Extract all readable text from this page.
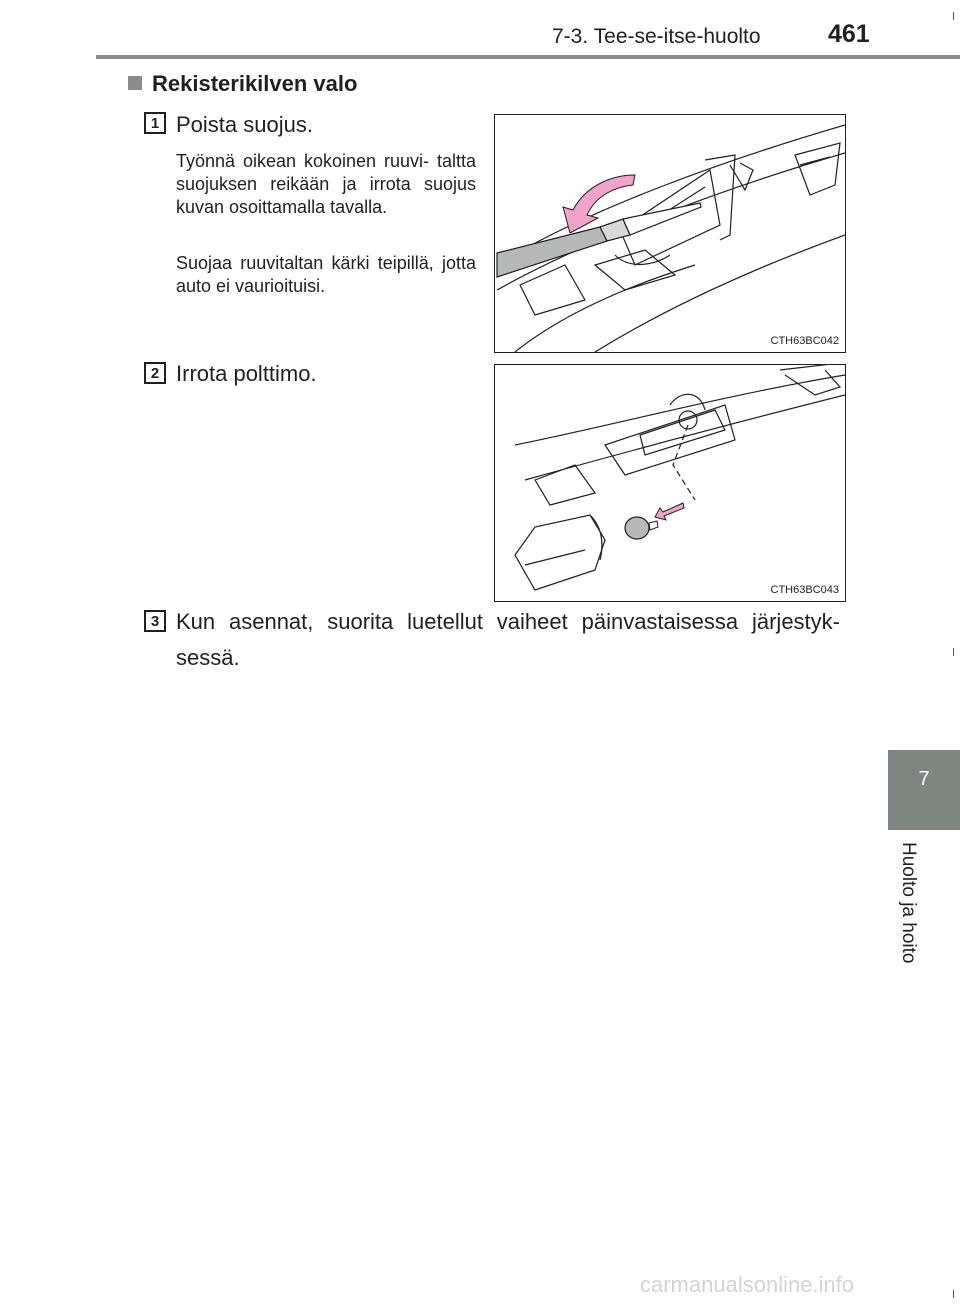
7-3. Tee-se-itse-huolto	461
7
Huolto ja hoito
Rekisterikilven valo
1 Poista suojus.
Työnnä oikean kokoinen ruuvi- taltta suojuksen reikään ja irrota suojus kuvan osoittamalla tavalla.
Suojaa ruuvitaltan kärki teipillä, jotta auto ei vaurioituisi.
CTH63BC042
2 Irrota polttimo.
CTH63BC043
3 Kun asennat, suorita luetellut vaiheet päinvastaisessa järjestyk- sessä.
carmanualsonline.info
